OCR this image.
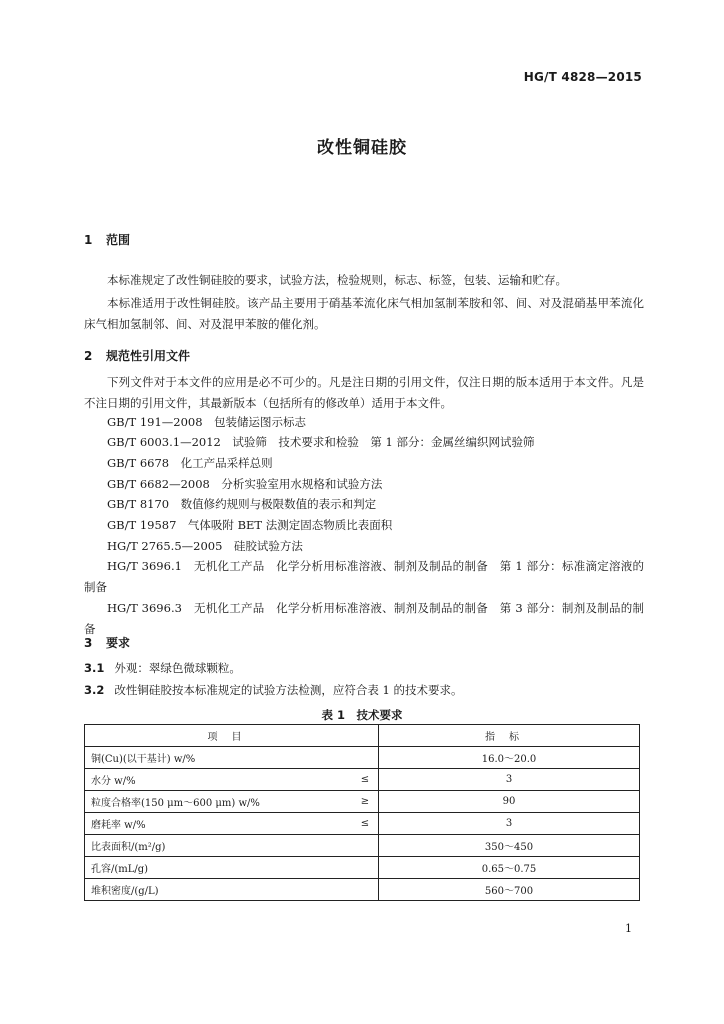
HG/T 4828—2015
改性铜硅胶
1 范围
本标准规定了改性铜硅胶的要求，试验方法，检验规则，标志、标签，包装、运输和贮存。
本标准适用于改性铜硅胶。该产品主要用于硝基苯流化床气相加氢制苯胺和邻、间、对及混硝基甲苯流化床气相加氢制邻、间、对及混甲苯胺的催化剂。
2 规范性引用文件
下列文件对于本文件的应用是必不可少的。凡是注日期的引用文件，仅注日期的版本适用于本文件。凡是不注日期的引用文件，其最新版本（包括所有的修改单）适用于本文件。
GB/T 191—2008　包装储运图示标志
GB/T 6003.1—2012　试验筛　技术要求和检验　第 1 部分：金属丝编织网试验筛
GB/T 6678　化工产品采样总则
GB/T 6682—2008　分析实验室用水规格和试验方法
GB/T 8170　数值修约规则与极限数值的表示和判定
GB/T 19587　气体吸附 BET 法测定固态物质比表面积
HG/T 2765.5—2005　硅胶试验方法
HG/T 3696.1　无机化工产品　化学分析用标准溶液、制剂及制品的制备　第 1 部分：标准滴定溶液的制备
HG/T 3696.3　无机化工产品　化学分析用标准溶液、制剂及制品的制备　第 3 部分：制剂及制品的制备
3 要求
3.1 外观：翠绿色微球颗粒。
3.2 改性铜硅胶按本标准规定的试验方法检测，应符合表 1 的技术要求。
表 1　技术要求
项目		指标
铜(Cu)(以干基计) w/%		16.0～20.0
水分 w/%	≤	3
粒度合格率(150 μm～600 μm) w/%	≥	90
磨耗率 w/%	≤	3
比表面积/(m²/g)		350～450
孔容/(mL/g)		0.65～0.75
堆积密度/(g/L)		560～700
1
